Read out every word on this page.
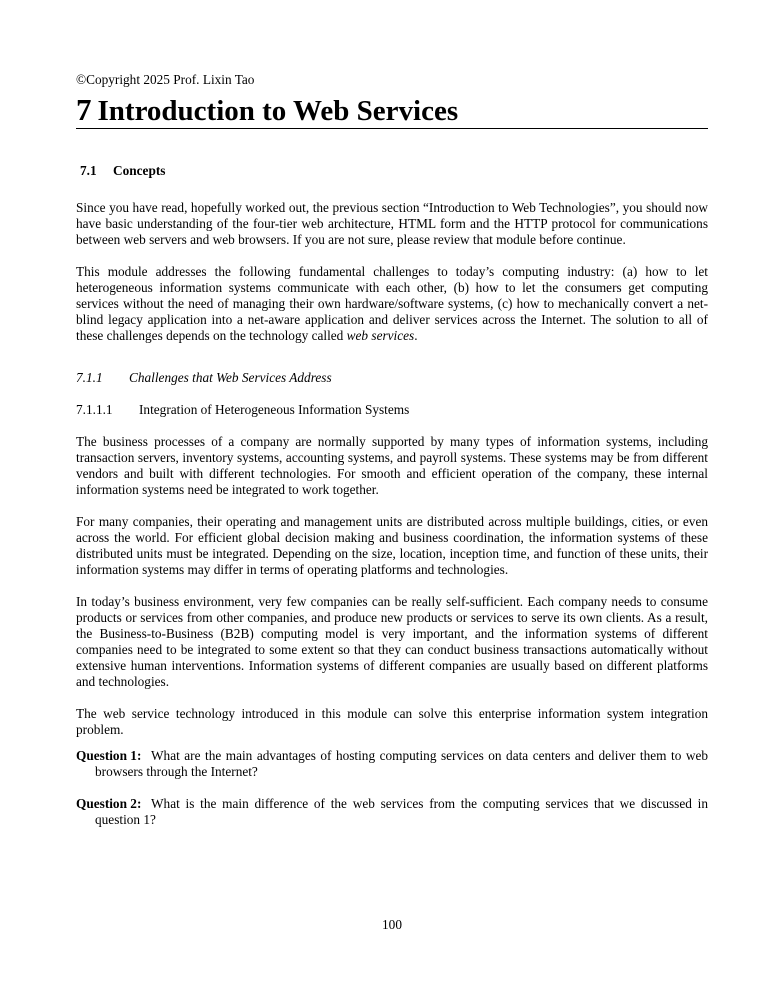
©Copyright 2025 Prof. Lixin Tao
7 Introduction to Web Services
7.1 Concepts

Since you have read, hopefully worked out, the previous section “Introduction to Web Technologies”, you should now have basic understanding of the four-tier web architecture, HTML form and the HTTP protocol for communications between web servers and web browsers. If you are not sure, please review that module before continue.

This module addresses the following fundamental challenges to today’s computing industry: (a) how to let heterogeneous information systems communicate with each other, (b) how to let the consumers get computing services without the need of managing their own hardware/software systems, (c) how to mechanically convert a net-blind legacy application into a net-aware application and deliver services across the Internet. The solution to all of these challenges depends on the technology called web services.

7.1.1 Challenges that Web Services Address
7.1.1.1 Integration of Heterogeneous Information Systems

The business processes of a company are normally supported by many types of information systems, including transaction servers, inventory systems, accounting systems, and payroll systems. These systems may be from different vendors and built with different technologies. For smooth and efficient operation of the company, these internal information systems need be integrated to work together.

For many companies, their operating and management units are distributed across multiple buildings, cities, or even across the world. For efficient global decision making and business coordination, the information systems of these distributed units must be integrated. Depending on the size, location, inception time, and function of these units, their information systems may differ in terms of operating platforms and technologies.

In today’s business environment, very few companies can be really self-sufficient. Each company needs to consume products or services from other companies, and produce new products or services to serve its own clients. As a result, the Business-to-Business (B2B) computing model is very important, and the information systems of different companies need to be integrated to some extent so that they can conduct business transactions automatically without extensive human interventions. Information systems of different companies are usually based on different platforms and technologies.

The web service technology introduced in this module can solve this enterprise information system integration problem.

Question 1: What are the main advantages of hosting computing services on data centers and deliver them to web browsers through the Internet?

Question 2: What is the main difference of the web services from the computing services that we discussed in question 1?

100
